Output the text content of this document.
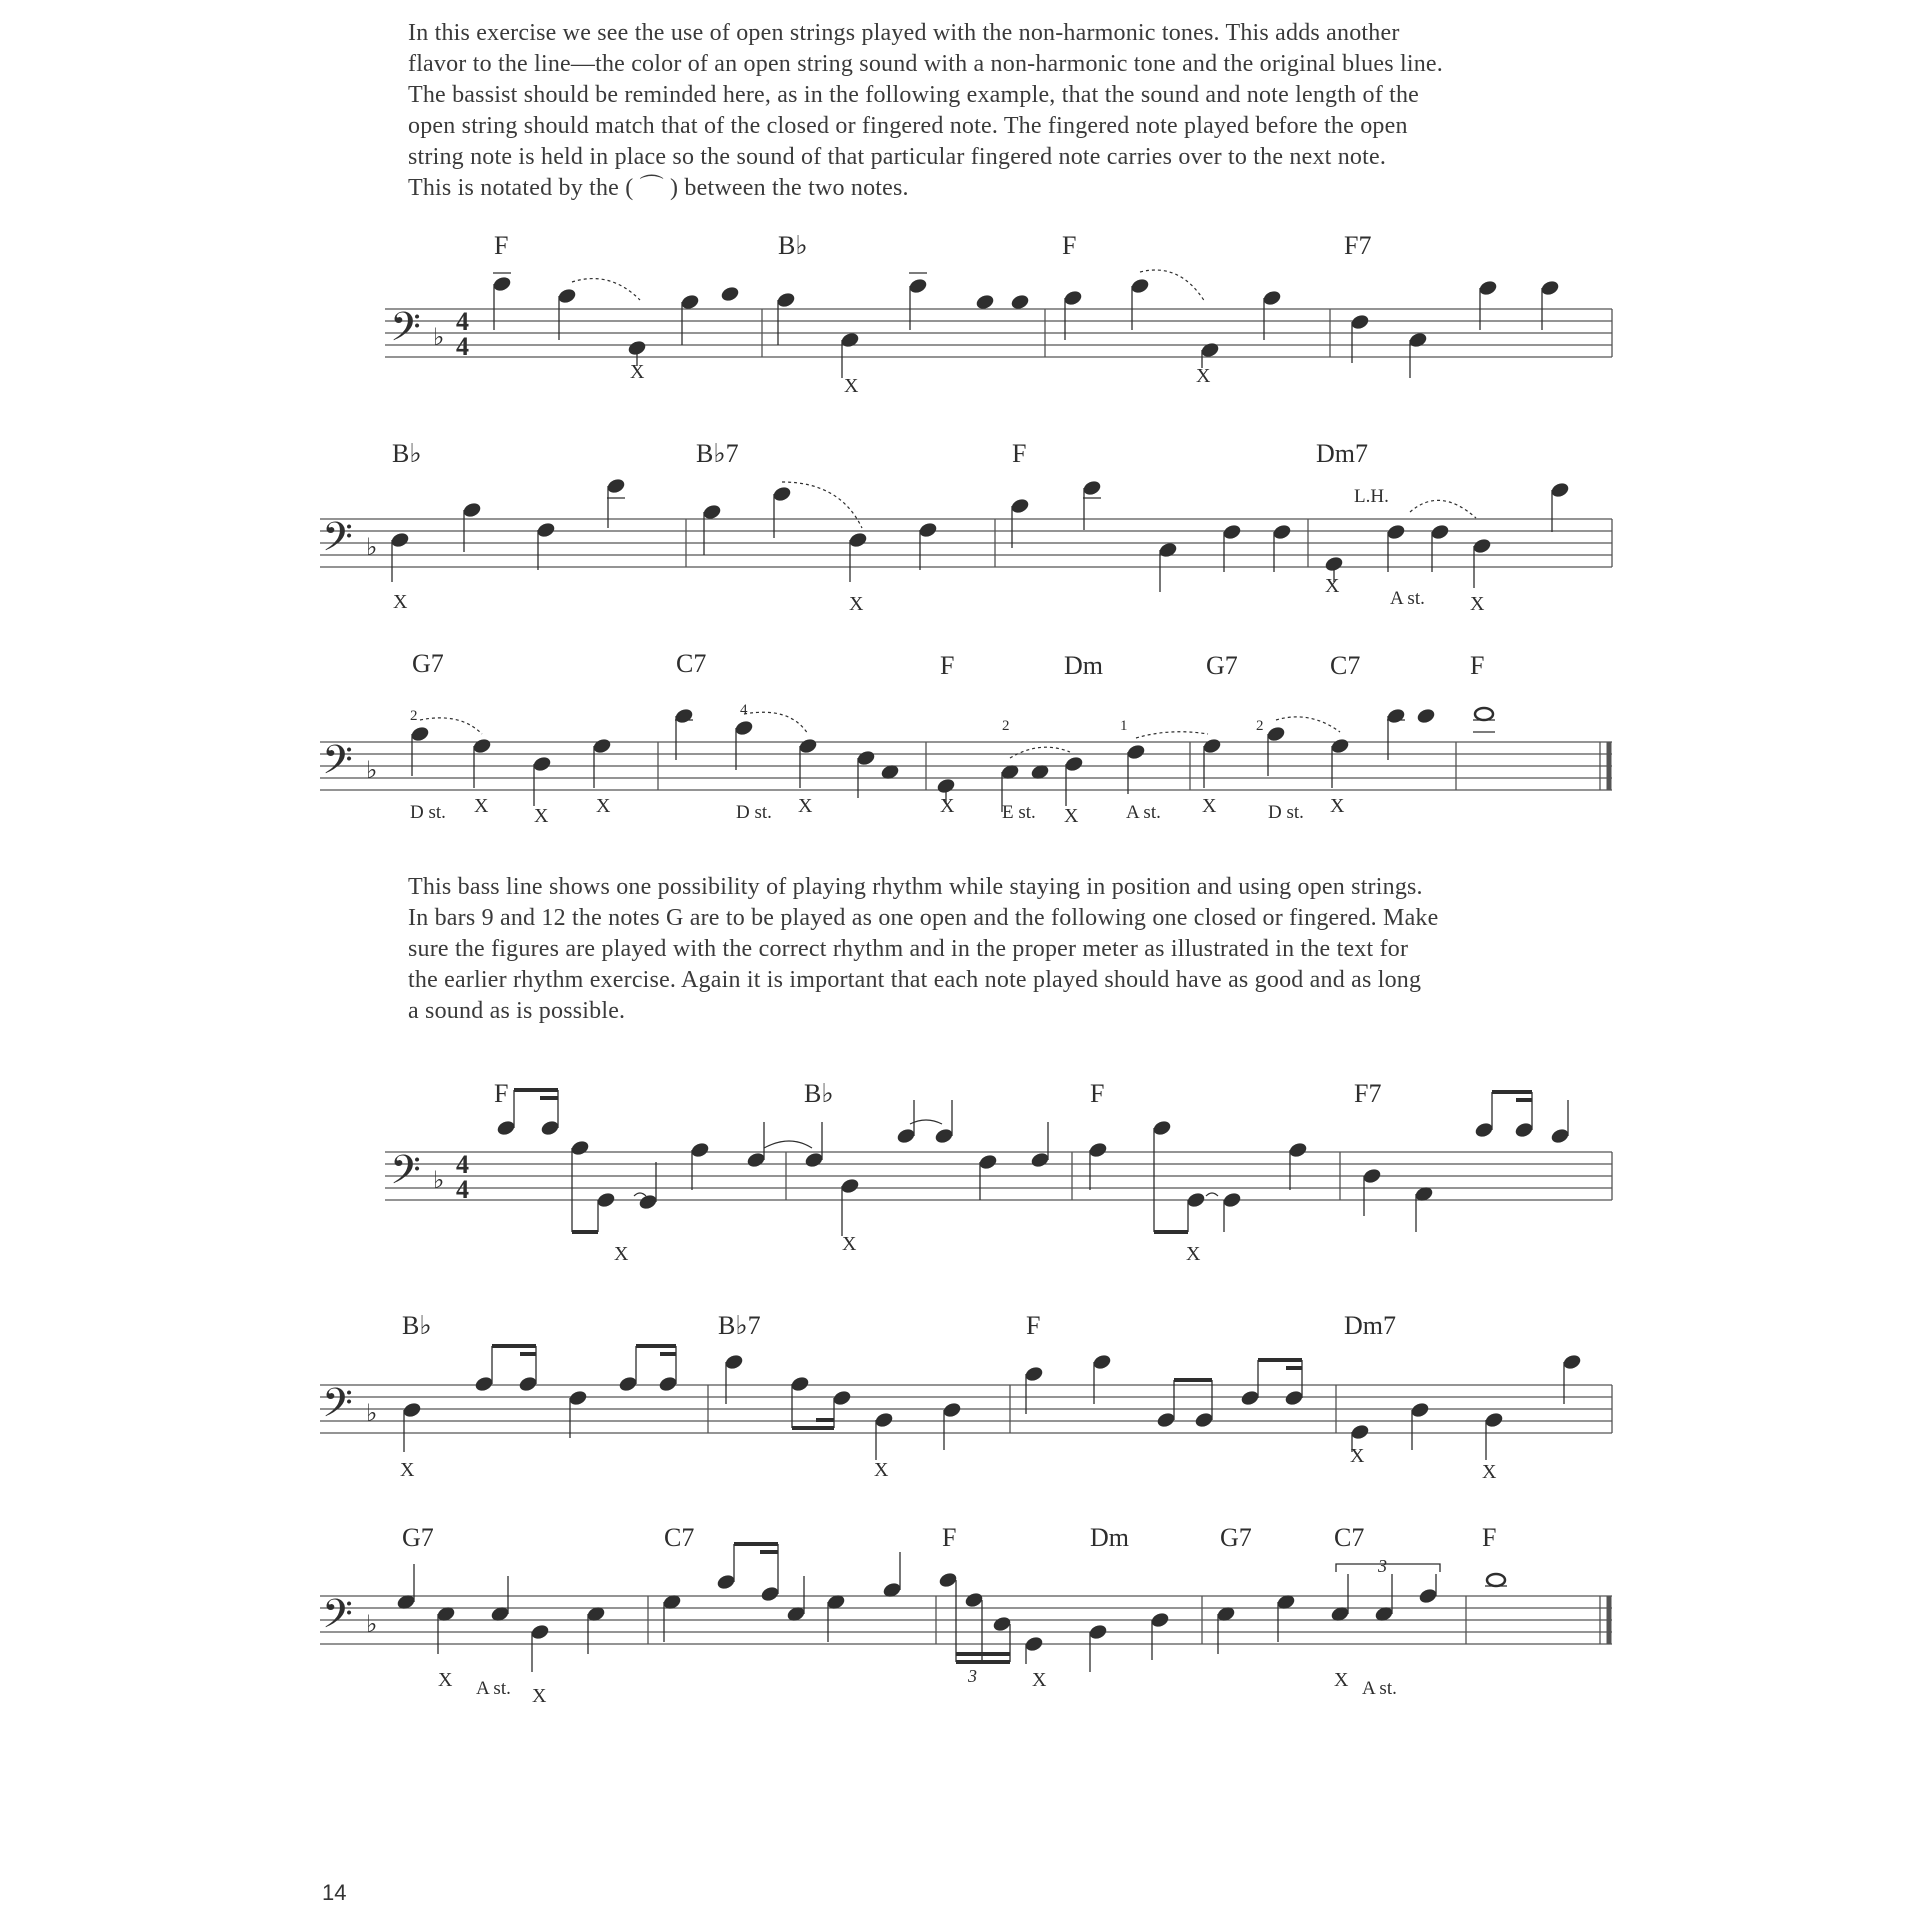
In this exercise we see the use of open strings played with the non-harmonic tones. This adds another
flavor to the line—the color of an open string sound with a non-harmonic tone and the original blues line.
The bassist should be reminded here, as in the following example, that the sound and note length of the
open string should match that of the closed or fingered note. The fingered note played before the open
string note is held in place so the sound of that particular fingered note carries over to the next note.
This is notated by the ( ⌒ ) between the two notes.
This bass line shows one possibility of playing rhythm while staying in position and using open strings.
In bars 9 and 12 the notes G are to be played as one open and the following one closed or fingered. Make
sure the figures are played with the correct rhythm and in the proper meter as illustrated in the text for
the earlier rhythm exercise. Again it is important that each note played should have as good and as long
a sound as is possible.
𝄢 ♭
4
4
F	B♭	F	F7
X
X	X
𝄢 ♭
B♭	B♭7	F	Dm7
L.H.
X	X
X
A st. X
𝄢 ♭
G7	C7	F	Dm	G7	C7	F
2	4
2	1	2
D st. X X X	D st. X	X	E st. X	A st. X	D st. X
𝄢 ♭
4
4
F	B♭	F	F7
X	X	X
𝄢 ♭
B♭	B♭7	F	Dm7
X	X
X
X
𝄢 ♭
G7	C7	F	Dm	G7	C7	F
3
3
X A st. X
X	X A st.
14
